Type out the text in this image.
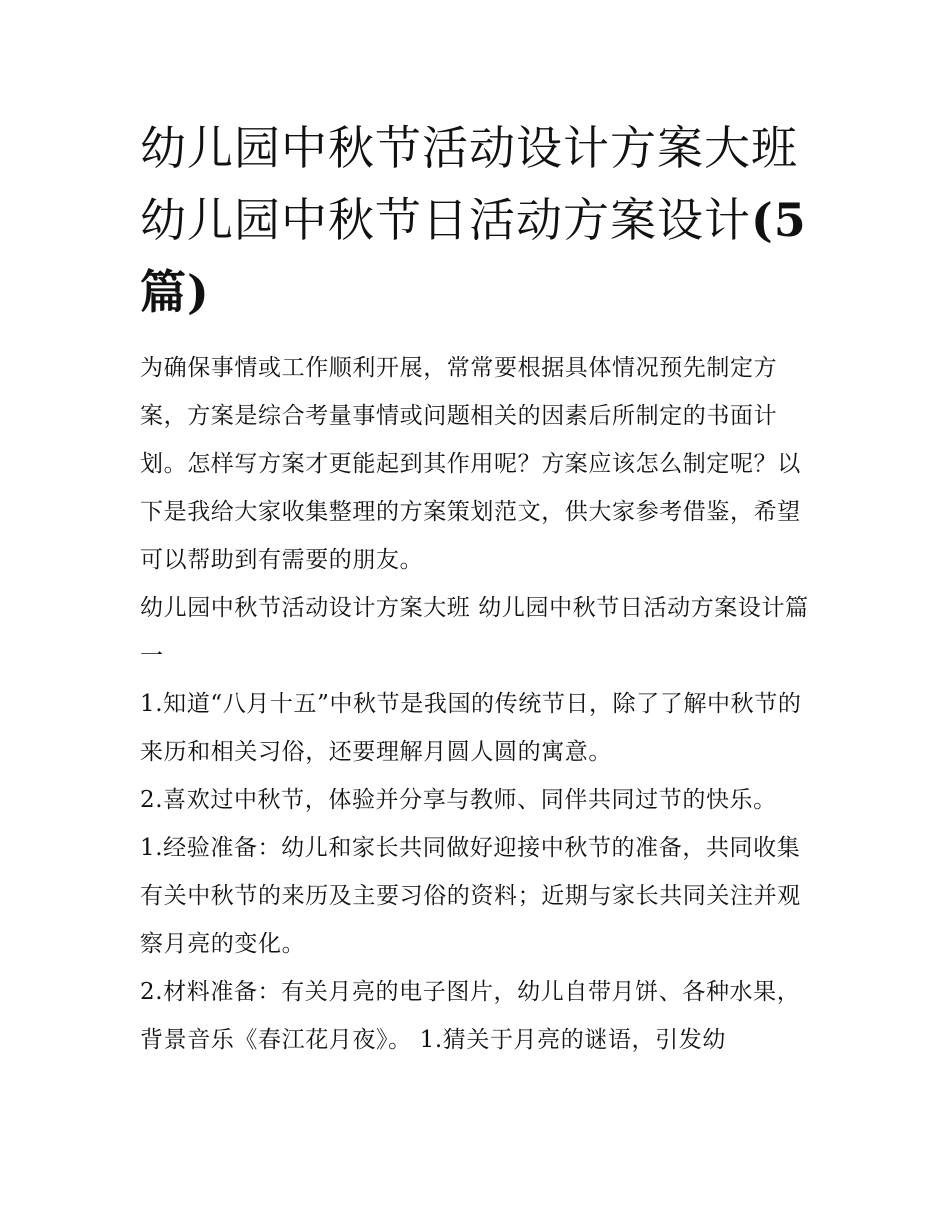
幼儿园中秋节活动设计方案大班 幼儿园中秋节日活动方案设计(5篇)

为确保事情或工作顺利开展，常常要根据具体情况预先制定方案，方案是综合考量事情或问题相关的因素后所制定的书面计划。怎样写方案才更能起到其作用呢？方案应该怎么制定呢？以下是我给大家收集整理的方案策划范文，供大家参考借鉴，希望可以帮助到有需要的朋友。

幼儿园中秋节活动设计方案大班 幼儿园中秋节日活动方案设计篇一

1.知道“八月十五”中秋节是我国的传统节日，除了了解中秋节的来历和相关习俗，还要理解月圆人圆的寓意。

2.喜欢过中秋节，体验并分享与教师、同伴共同过节的快乐。

1.经验准备：幼儿和家长共同做好迎接中秋节的准备，共同收集有关中秋节的来历及主要习俗的资料；近期与家长共同关注并观察月亮的变化。

2.材料准备：有关月亮的电子图片，幼儿自带月饼、各种水果，背景音乐《春江花月夜》。 1.猜关于月亮的谜语，引发幼
